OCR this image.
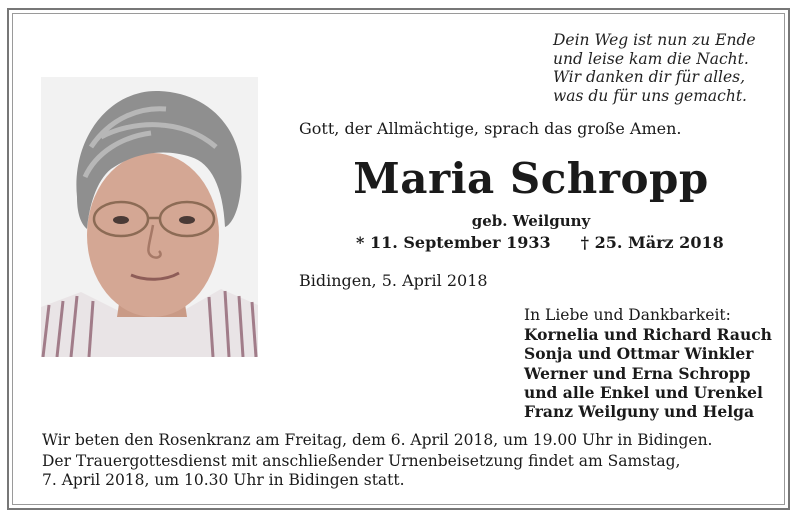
Dein Weg ist nun zu Ende
und leise kam die Nacht.
Wir danken dir für alles,
was du für uns gemacht.
Gott, der Allmächtige, sprach das große Amen.
Maria Schropp
geb. Weilguny
* 11. September 1933 † 25. März 2018
Bidingen, 5. April 2018
In Liebe und Dankbarkeit:
Kornelia und Richard Rauch
Sonja und Ottmar Winkler
Werner und Erna Schropp
und alle Enkel und Urenkel
Franz Weilguny und Helga
Wir beten den Rosenkranz am Freitag, dem 6. April 2018, um 19.00 Uhr in Bidingen.
Der Trauergottesdienst mit anschließender Urnenbeisetzung findet am Samstag,
7. April 2018, um 10.30 Uhr in Bidingen statt.
